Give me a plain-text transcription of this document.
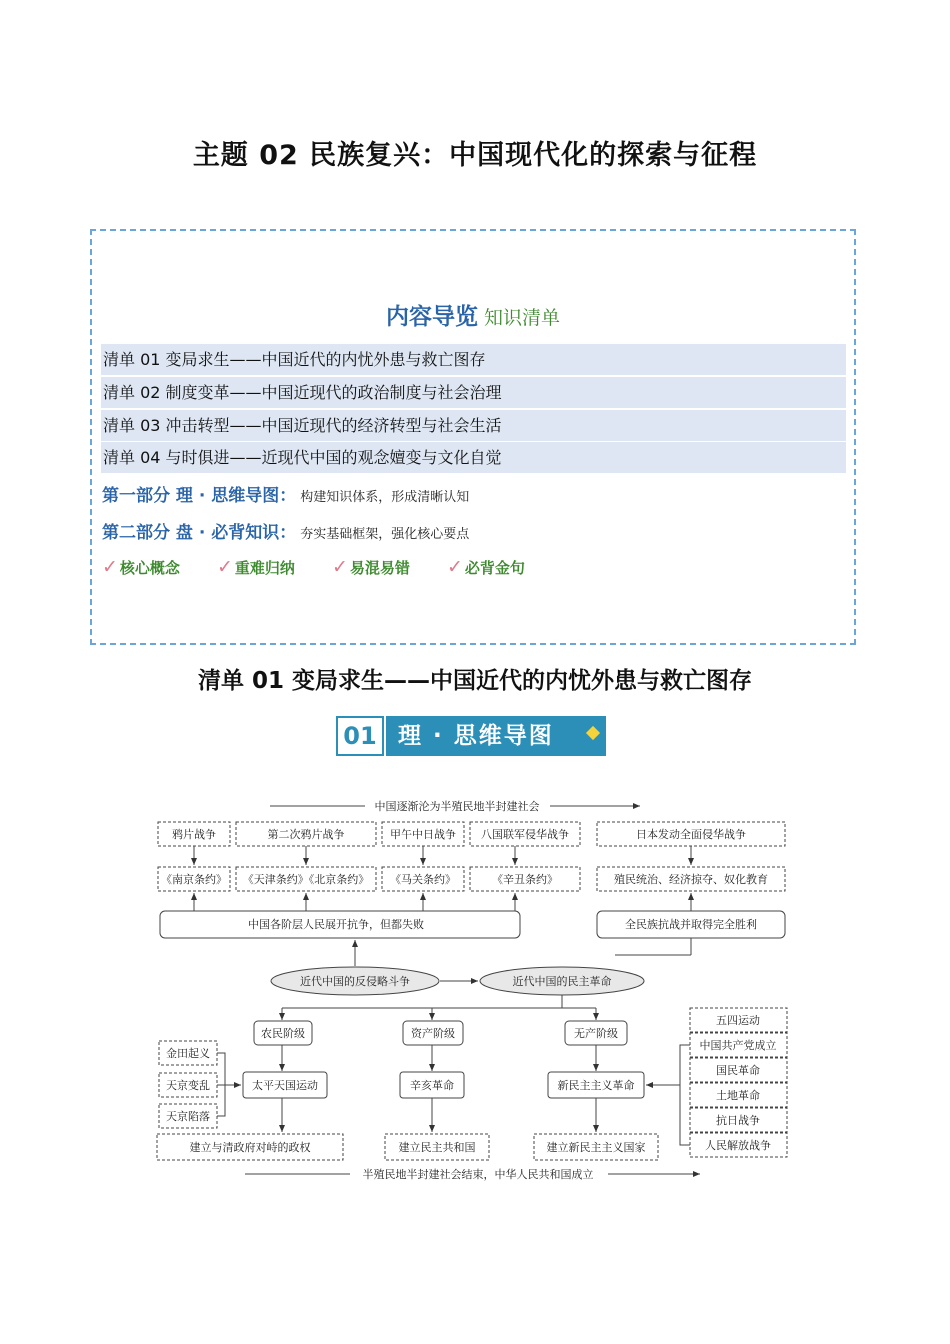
主题 02 民族复兴：中国现代化的探索与征程
内容导览 知识清单
清单 01 变局求生——中国近代的内忧外患与救亡图存
清单 02 制度变革——中国近现代的政治制度与社会治理
清单 03 冲击转型——中国近现代的经济转型与社会生活
清单 04 与时俱进——近现代中国的观念嬗变与文化自觉
第一部分 理 · 思维导图： 构建知识体系，形成清晰认知
第二部分 盘 · 必背知识： 夯实基础框架，强化核心要点
✓ 核心概念 ✓ 重难归纳 ✓ 易混易错 ✓ 必背金句
清单 01 变局求生——中国近代的内忧外患与救亡图存
01 理 · 思维导图
中国逐渐沦为半殖民地半封建社会
鸦片战争	第二次鸦片战争	甲午中日战争 八国联军侵华战争	日本发动全面侵华战争
《南京条约》 《天津条约》《北京条约》 《马关条约》	《辛丑条约》	殖民统治、经济掠夺、奴化教育
中国各阶层人民展开抗争，但都失败	全民族抗战并取得完全胜利
近代中国的反侵略斗争	近代中国的民主革命
农民阶级	资产阶级	无产阶级
金田起义
天京变乱
天京陷落
太平天国运动	辛亥革命	新民主主义革命
建立与清政府对峙的政权	建立民主共和国	建立新民主主义国家
五四运动
中国共产党成立
国民革命
土地革命
抗日战争
人民解放战争
半殖民地半封建社会结束，中华人民共和国成立
